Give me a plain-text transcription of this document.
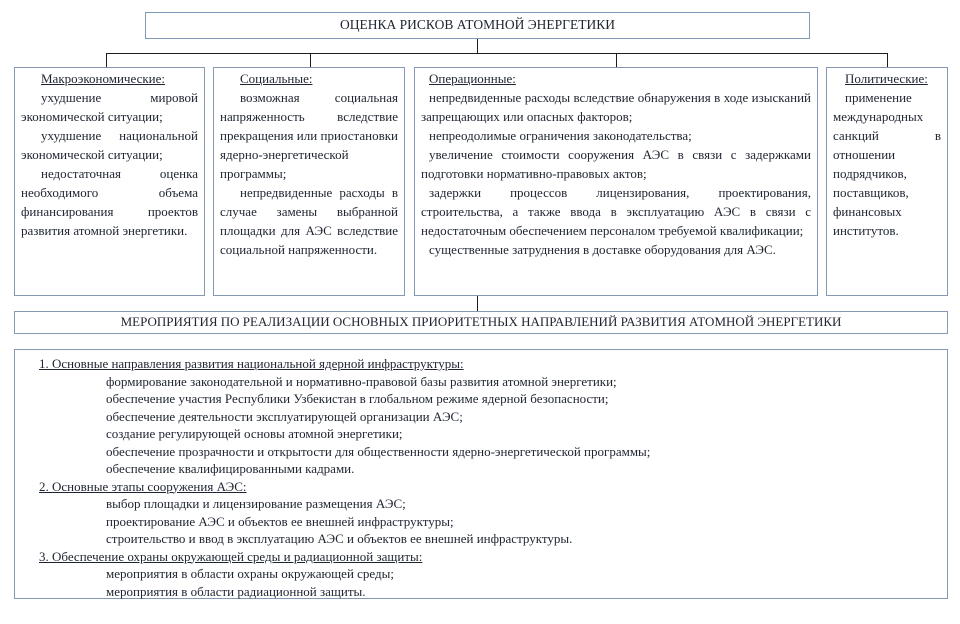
ОЦЕНКА РИСКОВ АТОМНОЙ ЭНЕРГЕТИКИ

Макроэкономические:

ухудшение мировой экономической ситуации;

ухудшение национальной экономической ситуации;

недостаточная оценка необходимого объема финансирования проектов развития атомной энергетики.

Социальные:

возможная социальная напряженность вследствие прекращения или приостановки ядерно-энергетической программы;

непредвиденные расходы в случае замены выбранной площадки для АЭС вследствие социальной напряженности.

Операционные:

непредвиденные расходы вследствие обнаружения в ходе изысканий запрещающих или опасных факторов;

непреодолимые ограничения законодательства;

увеличение стоимости сооружения АЭС в связи с задержками подготовки нормативно-правовых актов;

задержки процессов лицензирования, проектирования, строительства, а также ввода в эксплуатацию АЭС в связи с недостаточным обеспечением персоналом требуемой квалификации;

существенные затруднения в доставке оборудования для АЭС.

Политические:

применение международных санкций в отношении подрядчиков, поставщиков, финансовых институтов.

МЕРОПРИЯТИЯ ПО РЕАЛИЗАЦИИ ОСНОВНЫХ ПРИОРИТЕТНЫХ НАПРАВЛЕНИЙ РАЗВИТИЯ АТОМНОЙ ЭНЕРГЕТИКИ
1. Основные направления развития национальной ядерной инфраструктуры:
формирование законодательной и нормативно-правовой базы развития атомной энергетики;
обеспечение участия Республики Узбекистан в глобальном режиме ядерной безопасности;
обеспечение деятельности эксплуатирующей организации АЭС;
создание регулирующей основы атомной энергетики;
обеспечение прозрачности и открытости для общественности ядерно-энергетической программы;
обеспечение квалифицированными кадрами.
2. Основные этапы сооружения АЭС:
выбор площадки и лицензирование размещения АЭС;
проектирование АЭС и объектов ее внешней инфраструктуры;
строительство и ввод в эксплуатацию АЭС и объектов ее внешней инфраструктуры.
3. Обеспечение охраны окружающей среды и радиационной защиты:
мероприятия в области охраны окружающей среды;
мероприятия в области радиационной защиты.
